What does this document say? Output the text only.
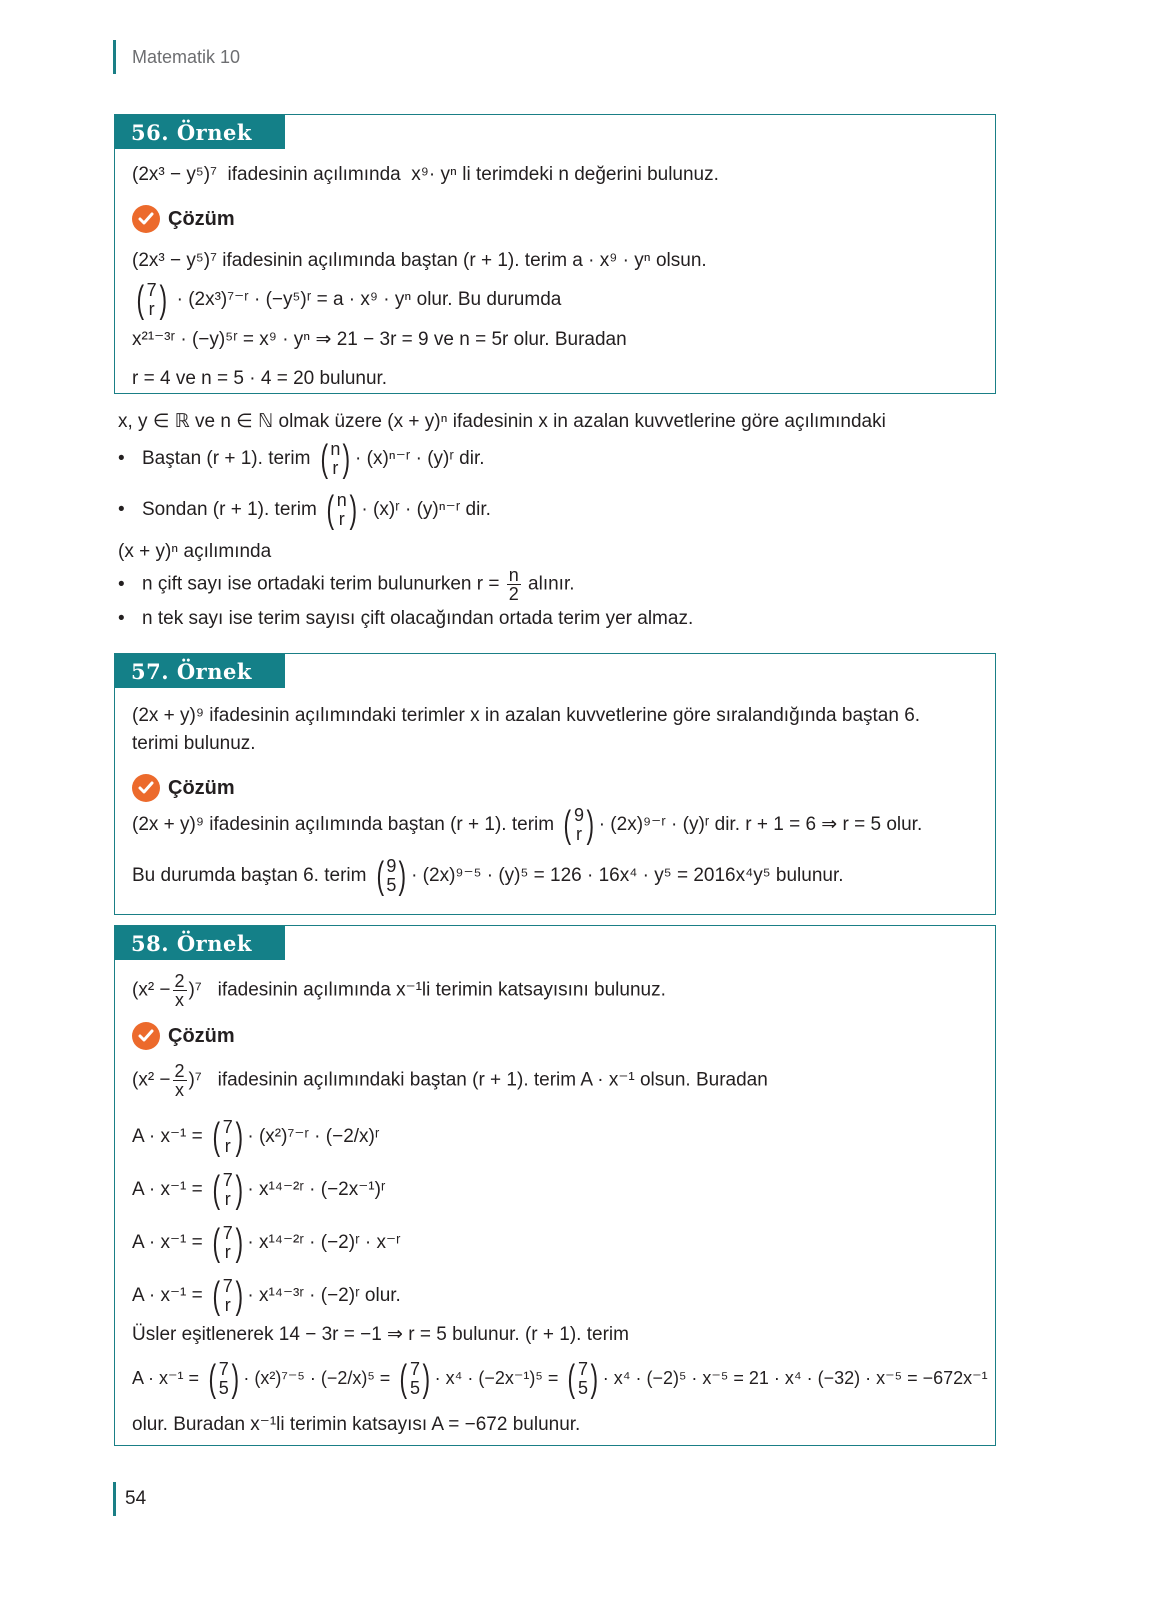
Matematik 10
56. Örnek
(2x³ − y⁵)⁷ ifadesinin açılımında x⁹· yⁿ li terimdeki n değerini bulunuz.
Çözüm
(2x³ − y⁵)⁷ ifadesinin açılımında baştan (r + 1). terim a · x⁹ · yⁿ olsun.
( 7
r ) · (2x³)⁷⁻ʳ · (−y⁵)ʳ = a · x⁹ · yⁿ olur. Bu durumda
x²¹⁻³ʳ · (−y)⁵ʳ = x⁹ · yⁿ ⇒ 21 − 3r = 9 ve n = 5r olur. Buradan
r = 4 ve n = 5 · 4 = 20 bulunur.
x, y ∈ ℝ ve n ∈ ℕ olmak üzere (x + y)ⁿ ifadesinin x in azalan kuvvetlerine göre açılımındaki
• Baştan (r + 1). terim ( n
r ) · (x)ⁿ⁻ʳ · (y)ʳ dir.
• Sondan (r + 1). terim ( n
r ) · (x)ʳ · (y)ⁿ⁻ʳ dir.
(x + y)ⁿ açılımında
• n çift sayı ise ortadaki terim bulunurken $r = \frac{n}{2}$ alınır.
• n tek sayı ise terim sayısı çift olacağından ortada terim yer almaz.
57. Örnek
(2x + y)⁹ ifadesinin açılımındaki terimler x in azalan kuvvetlerine göre sıralandığında baştan 6.
terimi bulunuz.
Çözüm
(2x + y)⁹ ifadesinin açılımında baştan (r + 1). terim ( 9
r ) · (2x)⁹⁻ʳ · (y)ʳ dir. r + 1 = 6 ⇒ r = 5 olur.
Bu durumda baştan 6. terim ( 9
5 ) · (2x)⁹⁻⁵ · (y)⁵ = 126 · 16x⁴ · y⁵ = 2016x⁴y⁵ bulunur.
58. Örnek
$(x^2 - \frac{2}{x} )^7$ ifadesinin açılımında x⁻¹li terimin katsayısını bulunuz.
Çözüm
$(x^2 - \frac{2}{x} )^7$ ifadesinin açılımındaki baştan (r + 1). terim A · x⁻¹ olsun. Buradan
A · x⁻¹ = ( 7
r ) · (x²)⁷⁻ʳ · (−2/x)ʳ
A · x⁻¹ = ( 7
r ) · x¹⁴⁻²ʳ · (−2x⁻¹)ʳ
A · x⁻¹ = ( 7
r ) · x¹⁴⁻²ʳ · (−2)ʳ · x⁻ʳ
A · x⁻¹ = ( 7
r ) · x¹⁴⁻³ʳ · (−2)ʳ olur.
Üsler eşitlenerek 14 − 3r = −1 ⇒ r = 5 bulunur. (r + 1). terim
A · x⁻¹ = ( 7
5 ) · (x²)⁷⁻⁵ · (−2/x)⁵ = ( 7
5 ) · x⁴ · (−2x⁻¹)⁵ = ( 7
5 ) · x⁴ · (−2)⁵ · x⁻⁵ = 21 · x⁴ · (−32) · x⁻⁵ = −672x⁻¹
olur. Buradan x⁻¹li terimin katsayısı A = −672 bulunur.
54
